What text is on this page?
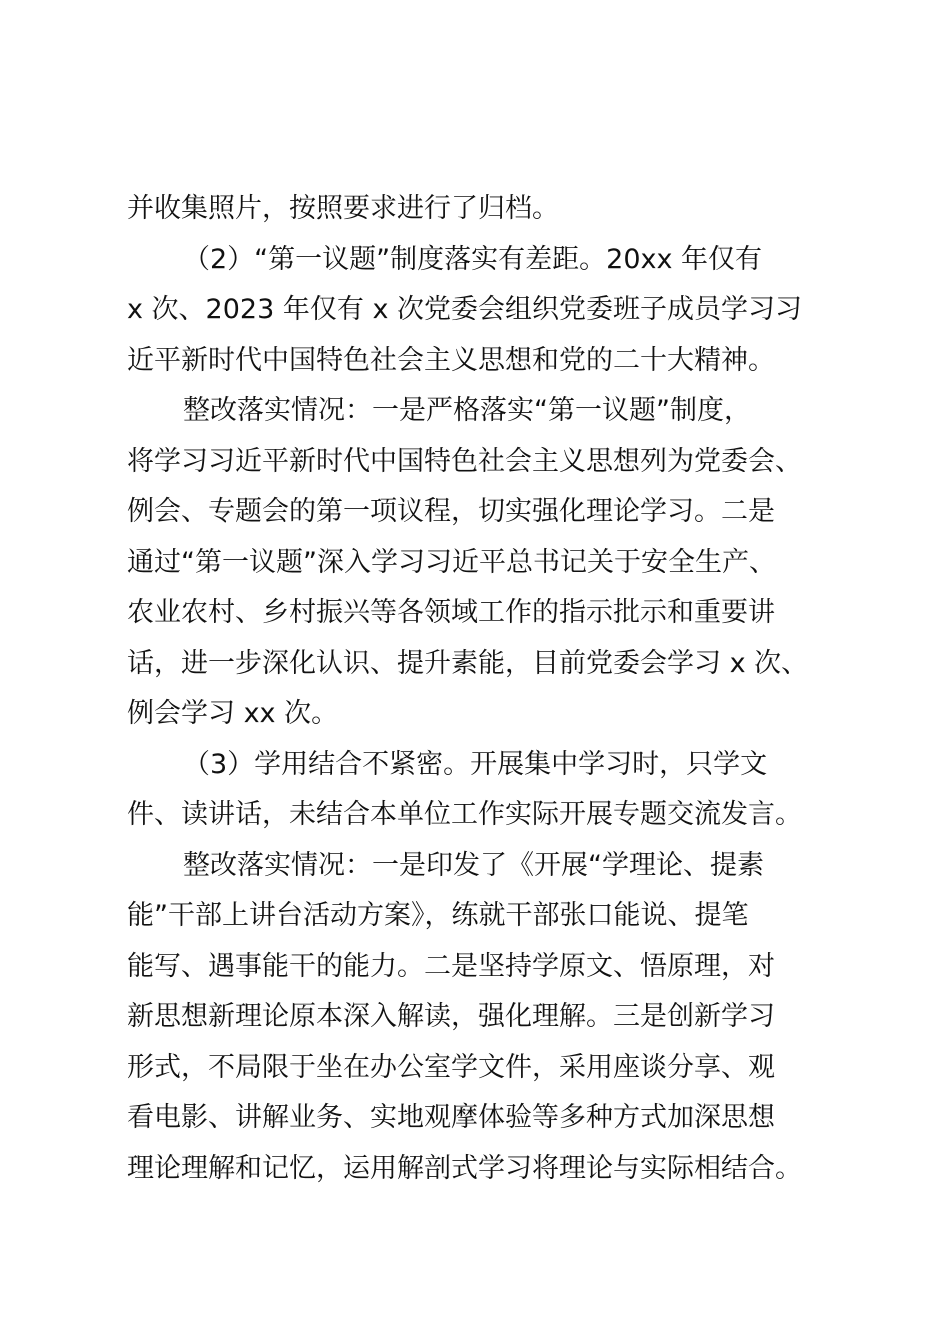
并收集照片，按照要求进行了归档。
（2）“第一议题”制度落实有差距。20xx 年仅有
x 次、2023 年仅有 x 次党委会组织党委班子成员学习习
近平新时代中国特色社会主义思想和党的二十大精神。
整改落实情况：一是严格落实“第一议题”制度，
将学习习近平新时代中国特色社会主义思想列为党委会、
例会、专题会的第一项议程，切实强化理论学习。二是
通过“第一议题”深入学习习近平总书记关于安全生产、
农业农村、乡村振兴等各领域工作的指示批示和重要讲
话，进一步深化认识、提升素能，目前党委会学习 x 次、
例会学习 xx 次。
（3）学用结合不紧密。开展集中学习时，只学文
件、读讲话，未结合本单位工作实际开展专题交流发言。
整改落实情况：一是印发了《开展“学理论、提素
能”干部上讲台活动方案》，练就干部张口能说、提笔
能写、遇事能干的能力。二是坚持学原文、悟原理，对
新思想新理论原本深入解读，强化理解。三是创新学习
形式，不局限于坐在办公室学文件，采用座谈分享、观
看电影、讲解业务、实地观摩体验等多种方式加深思想
理论理解和记忆，运用解剖式学习将理论与实际相结合。
